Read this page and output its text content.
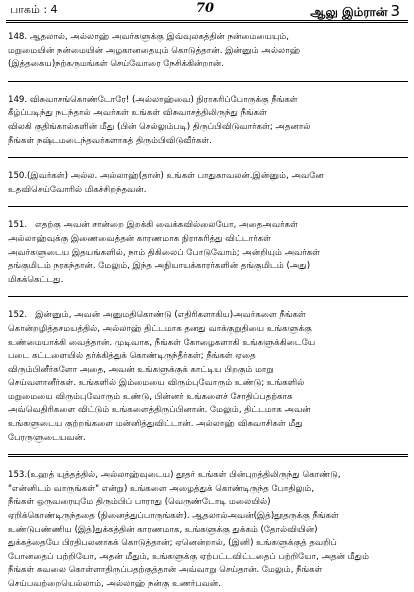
பாகம் : 4	70	ஆலு இம்ரான் 3

148. ஆதலால், அல்லாஹ் அவர்களுக்கு இவ்வுலகத்தின் நன்மையையும்,
மறுமையின் நன்மையின் அழகானதையும் கொடுத்தான். இன்னும் அல்லாஹ்
(இத்தகைய)நற்கருமங்கள் செய்வோரை நேசிக்கின்றான்.

149. விசுவாசங்கொண்டோரே! (அல்லாஹ்வை) நிராகரிப்போருக்கு நீங்கள்
கீழ்ப்படிந்து நடந்தால் அவர்கள் உங்கள் விசுவாசத்திலிருந்து நீங்கள்
விலகி குதிங்கால்களின் மீது (பின் செல்லும்படி) திருப்பிவிடுவார்கள்; அதனால்
நீங்கள் நஷ்டமடைந்தவர்களாகத் திரும்பிவிடுவீர்கள்.

150.(இவர்கள்) அல்ல. அல்லாஹ்(தான்) உங்கள் பாதுகாவலன்.இன்னும், அவனே
உதவிசெய்வோரில் மிகச்சிறந்தவன்.

151.   எதற்கு அவன் சான்றை இறக்கி வைக்கவில்லையோ, அதைஅவர்கள்
அல்லாஹ்வுக்கு இணைவைத்தன் காரணமாக நிராகரித்து விட்டார்கள்
அவர்களுடைய இதயங்களில், நாம் திகிலைப் போடுவோம்; அன்றியும் அவர்கள்
தங்குமிடம் நரகந்தான். மேலும், இந்த அநியாயக்காரர்களின் தங்குமிடம் (அது)
மிகக்கெட்டது.

152.   இன்னும், அவன் அனுமதிகொண்டு (எதிரிகளாகிய)அவர்களை நீங்கள்
கொன்றழித்தசமயத்தில், அல்லாஹ் திட்டமாக தனது வாக்குறுதியை உங்களுக்கு
உண்மையாக்கி வைத்தான். முடிவாக, நீங்கள் கோழைகளாகி உங்களுக்கிடையே
படை கட்டளையில் தர்க்கித்துக் கொண்டிருந்தீர்கள்; நீங்கள் ஏதை
விரும்பினீர்களோ அதை, அவன் உங்களுக்குக் காட்டிய பிறகும் மாறு
செய்வளானீர்கள். உங்களில் இம்மையை விரும்புவோரும் உண்டு; உங்களில்
மறுமையை விரும்புவோரும் உண்டு, பின்னர் உங்களைச் சோதிப்பதற்காக
அவ்வெதிரிகளை விட்டும் உங்களைத்திருப்பினான். மேலும், திட்டமாக அவன்
உங்களுடைய குற்றங்களை மன்னித்துவிட்டான். அல்லாஹ் விசுவாசிகள் மீது
பேரருளுடையவன்.

153.(உஹத் யுத்தத்தில், அல்லாஹ்வுடைய) தூதர் உங்கள் பின்புறத்திலிருந்து கொண்டு,
"என்னிடம் வாருங்கள்" என்று) உங்களை அழைத்துக் கொண்டிருந்த போதிலும்,
நீங்கள் ஒருவரையுமே திரும்பிப் பாராது (வெருண்டோடி மலையில்)
ஏறிக்கொண்டிருந்ததை (நினைத்துப்பாருங்கள்). ஆதலால்அவன்(இத்)தூதருக்கு நீங்கள்
உண்டுபண்ணிய (இத்)துக்கத்தின் காரணமாக, உங்களுக்கு துக்கம் (தோல்வியின்)
துக்கத்தையே பிரதிபலனாகக் கொடுத்தான்; ஏனென்றால், (இனி) உங்களுக்குத் தவறிப்
போனதைப் பற்றியோ, அதன் மீதும், உங்களுக்கு ஏற்பட்டவிட்டதைப் பற்றியோ, அதன் மீதும்
நீங்கள் கவலை கொள்ளாதிருப்பதற்குத்தான் அவ்வாறு செய்தான். மேலும், நீங்கள்
செய்பவற்றையெல்லாம், அல்லாஹ் நன்கு உணர்பவன்.
